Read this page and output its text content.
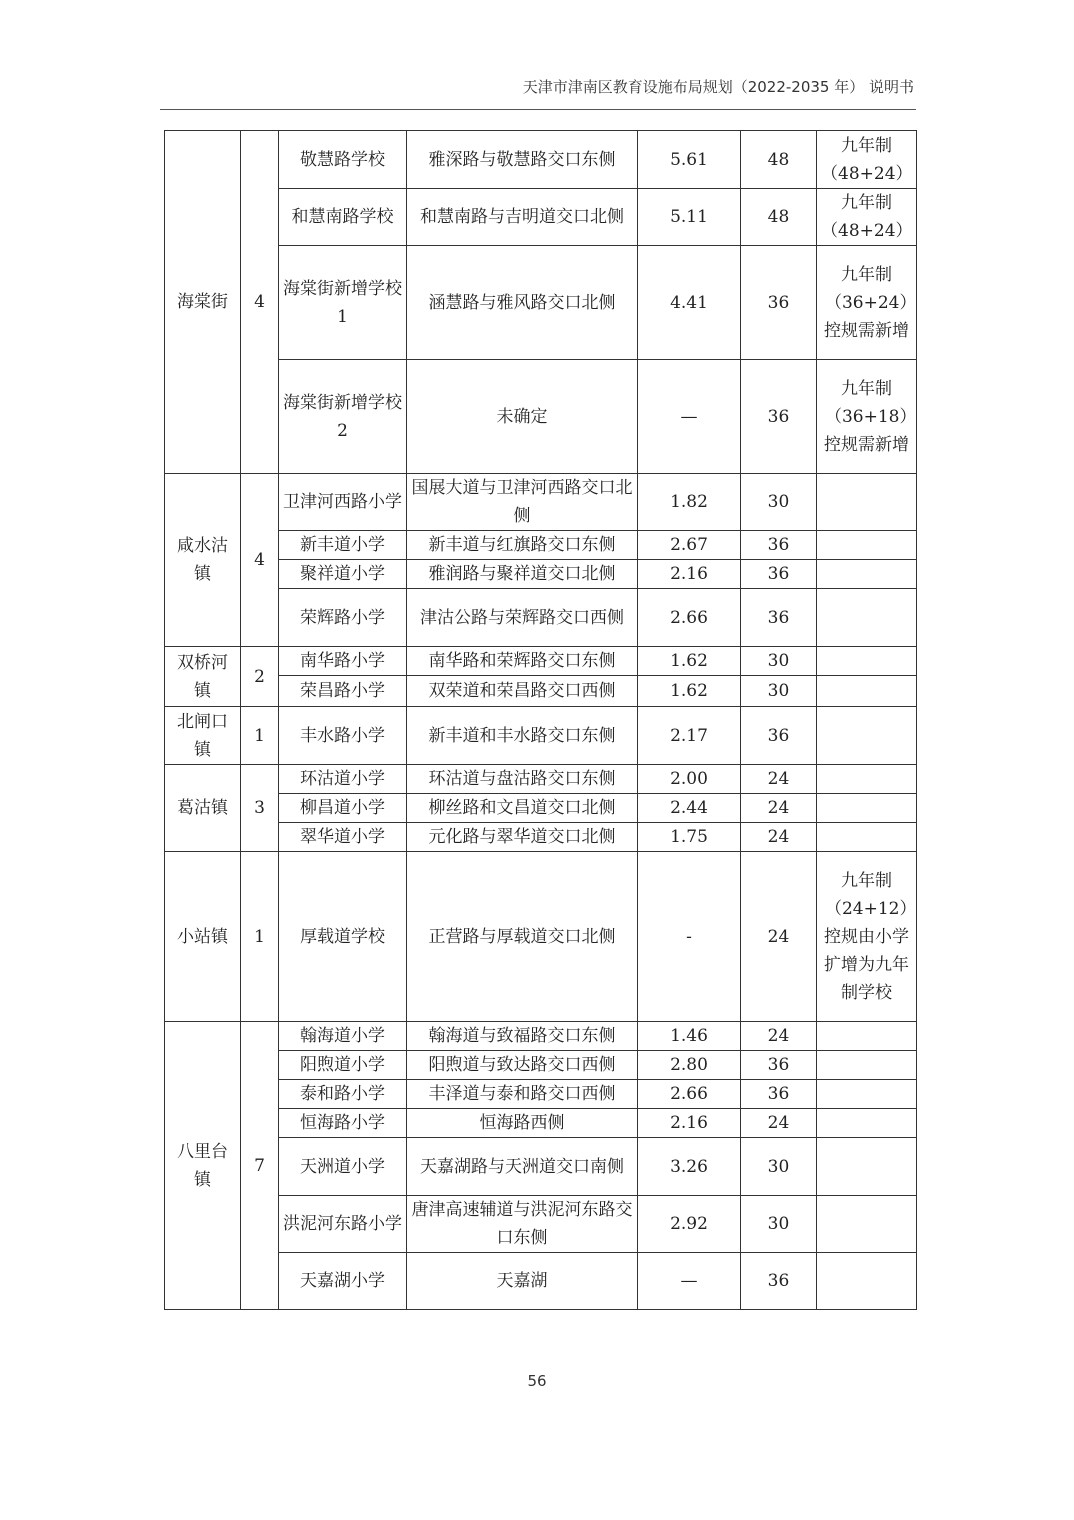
天津市津南区教育设施布局规划（2022-2035 年） 说明书
海棠街	4	敬慧路学校	雅深路与敬慧路交口东侧	5.61	48	九年制（48+24）
		和慧南路学校	和慧南路与吉明道交口北侧	5.11	48	九年制（48+24）
		海棠街新增学校 1	涵慧路与雅风路交口北侧	4.41	36	九年制（36+24）控规需新增
		海棠街新增学校 2	未确定	—	36	九年制（36+18）控规需新增
咸水沽镇	4	卫津河西路小学	国展大道与卫津河西路交口北侧	1.82	30	
		新丰道小学	新丰道与红旗路交口东侧	2.67	36	
		聚祥道小学	雅润路与聚祥道交口北侧	2.16	36	
		荣辉路小学	津沽公路与荣辉路交口西侧	2.66	36	
双桥河镇	2	南华路小学	南华路和荣辉路交口东侧	1.62	30	
		荣昌路小学	双荣道和荣昌路交口西侧	1.62	30	
北闸口镇	1	丰水路小学	新丰道和丰水路交口东侧	2.17	36	
葛沽镇	3	环沽道小学	环沽道与盘沽路交口东侧	2.00	24	
		柳昌道小学	柳丝路和文昌道交口北侧	2.44	24	
		翠华道小学	元化路与翠华道交口北侧	1.75	24	
小站镇	1	厚载道学校	正营路与厚载道交口北侧	-	24	九年制（24+12）控规由小学扩增为九年制学校
八里台镇	7	翰海道小学	翰海道与致福路交口东侧	1.46	24	
		阳煦道小学	阳煦道与致达路交口西侧	2.80	36	
		泰和路小学	丰泽道与泰和路交口西侧	2.66	36	
		恒海路小学	恒海路西侧	2.16	24	
		天洲道小学	天嘉湖路与天洲道交口南侧	3.26	30	
		洪泥河东路小学	唐津高速辅道与洪泥河东路交口东侧	2.92	30	
		天嘉湖小学	天嘉湖	—	36	
56
